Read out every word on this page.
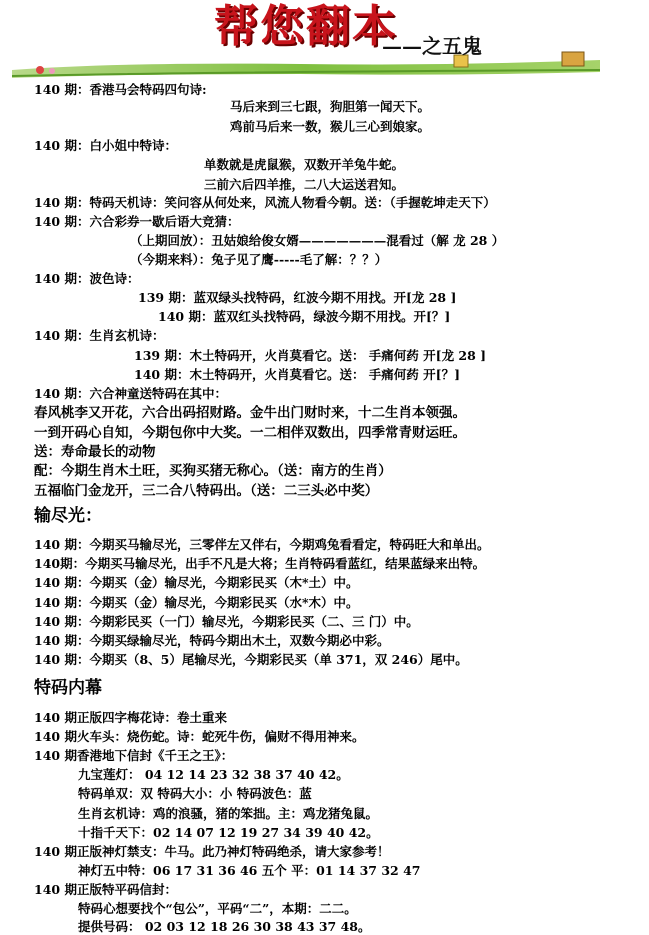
帮您翻本
——之五鬼
140 期：香港马会特码四句诗:
马后来到三七跟，狗胆第一闻天下。
鸡前马后来一数，猴儿三心到娘家。
140 期：白小姐中特诗：
单数就是虎鼠猴，双数开羊兔牛蛇。
三前六后四羊推，二八大运送君知。
140 期：特码天机诗：笑问容从何处来，风流人物看今朝。送：（手握乾坤走天下）
140 期：六合彩券一歇后语大竞猜：
（上期回放）：丑姑娘给俊女婿———————混看过（解 龙 28 ）
（今期来料）：兔子见了鹰-----毛了解：？？）
140 期：波色诗：
139 期：蓝双绿头找特码，红波今期不用找。开[龙 28 ]
140 期：蓝双红头找特码，绿波今期不用找。开[？]
140 期：生肖玄机诗：
139 期：木土特码开，火肖莫看它。送： 手痛何药 开[龙 28 ]
140 期：木土特码开，火肖莫看它。送： 手痛何药 开[？]
140 期：六合神童送特码在其中：
春风桃李又开花，六合出码招财路。金牛出门财时来，十二生肖本领强。
一到开码心自知，今期包你中大奖。一二相伴双数出，四季常青财运旺。
送：寿命最长的动物
配：今期生肖木土旺，买狗买猪无称心。（送：南方的生肖）
五福临门金龙开，三二合八特码出。（送：二三头必中奖）
输尽光：
140 期：今期买马输尽光，三零伴左又伴右，今期鸡兔看看定，特码旺大和单出。
140期：今期买马输尽光，出手不凡是大将；生肖特码看蓝红，结果蓝绿来出特。
140 期：今期买（金）输尽光，今期彩民买（木*土）中。
140 期：今期买（金）输尽光，今期彩民买（水*木）中。
140 期：今期彩民买（一门）输尽光，今期彩民买（二、三 门）中。
140 期：今期买绿输尽光，特码今期出木土，双数今期必中彩。
140 期：今期买（8、5）尾输尽光，今期彩民买（单 371，双 246）尾中。
特码内幕
140 期正版四字梅花诗：卷土重来
140 期火车头：烧伤蛇。诗：蛇死牛伤，偏财不得用神来。
140 期香港地下信封《千王之王》：
九宝莲灯： 04 12 14 23 32 38 37 40 42。
特码单双：双 特码大小：小 特码波色：蓝
生肖玄机诗：鸡的浪骚，猪的笨拙。主：鸡龙猪兔鼠。
十指千天下：02 14 07 12 19 27 34 39 40 42。
140 期正版神灯禁支：牛马。此乃神灯特码绝杀，请大家参考！
神灯五中特：06 17 31 36 46 五个 平：01 14 37 32 47
140 期正版特平码信封：
特码心想要找个“包公”，平码“二”，本期：二二。
提供号码： 02 03 12 18 26 30 38 43 37 48。
